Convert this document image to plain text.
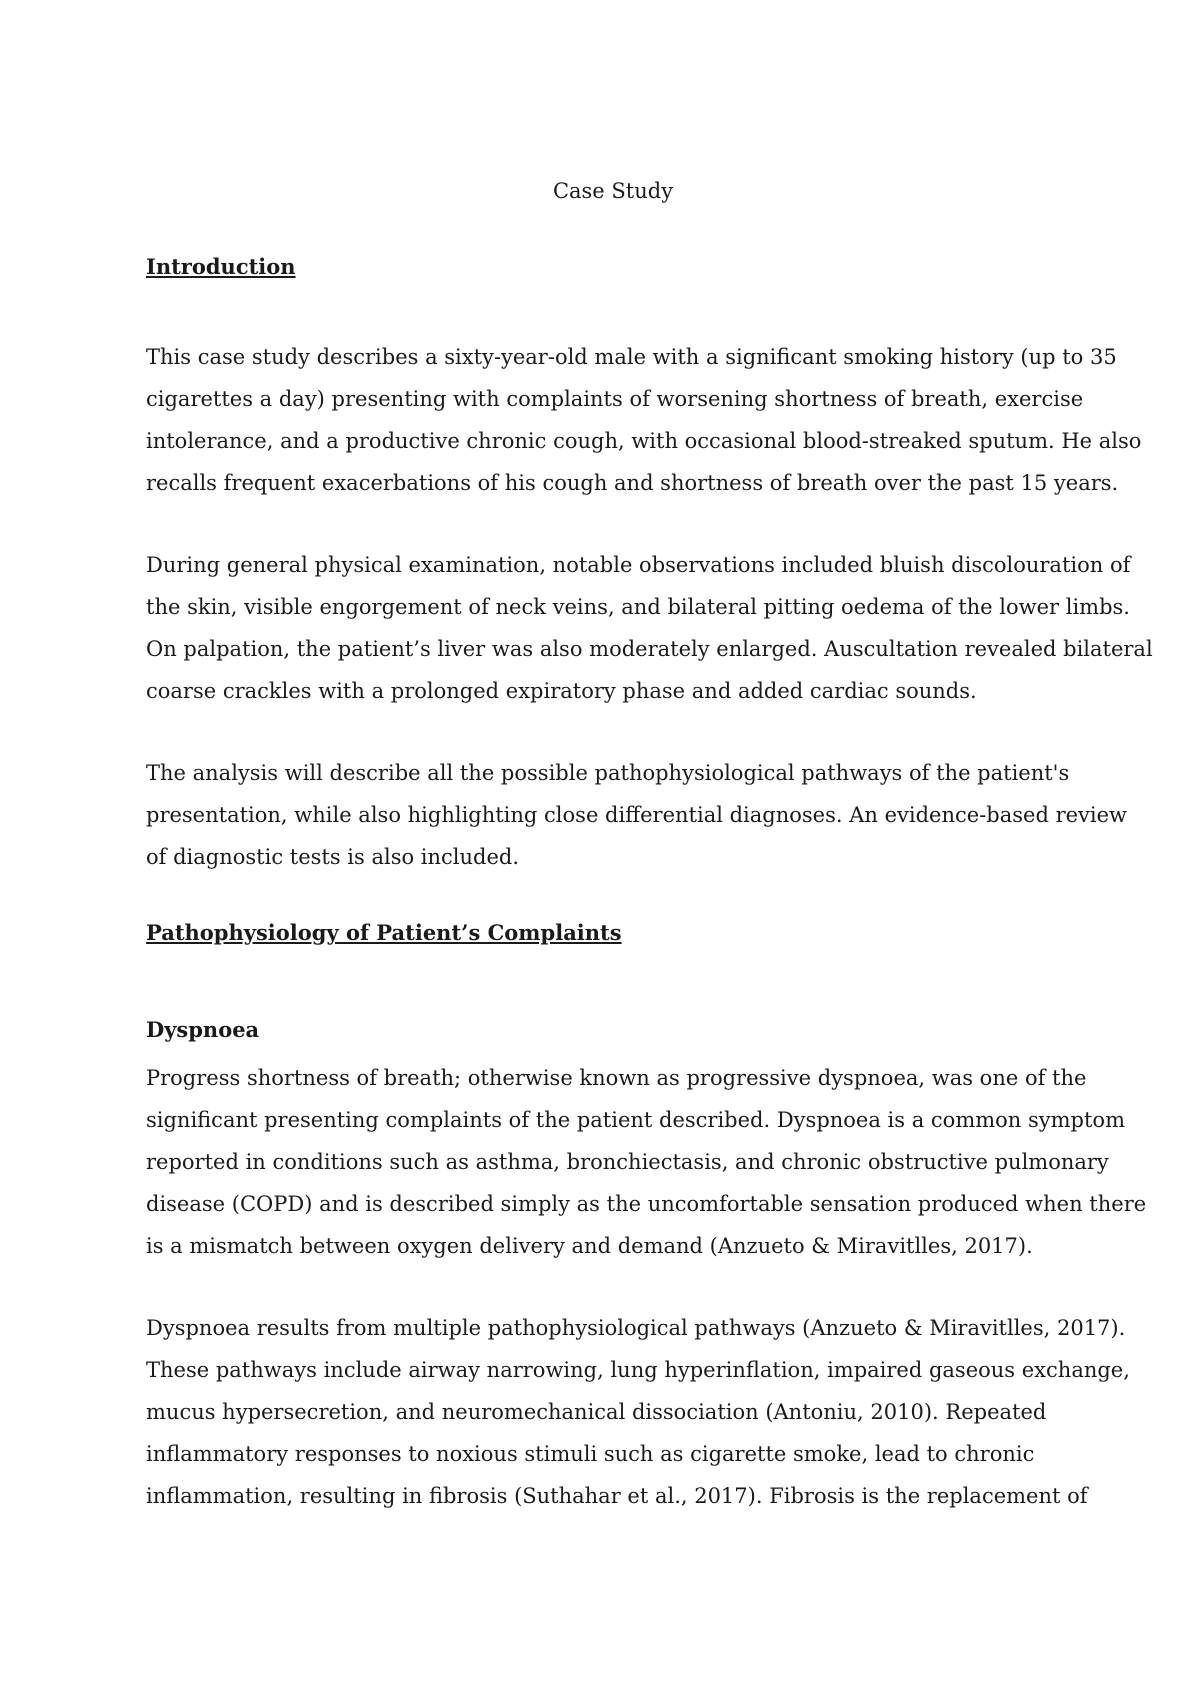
Case Study
Introduction
This case study describes a sixty-year-old male with a significant smoking history (up to 35
cigarettes a day) presenting with complaints of worsening shortness of breath, exercise
intolerance, and a productive chronic cough, with occasional blood-streaked sputum. He also
recalls frequent exacerbations of his cough and shortness of breath over the past 15 years.
During general physical examination, notable observations included bluish discolouration of
the skin, visible engorgement of neck veins, and bilateral pitting oedema of the lower limbs.
On palpation, the patient’s liver was also moderately enlarged. Auscultation revealed bilateral
coarse crackles with a prolonged expiratory phase and added cardiac sounds.
The analysis will describe all the possible pathophysiological pathways of the patient's
presentation, while also highlighting close differential diagnoses. An evidence-based review
of diagnostic tests is also included.
Pathophysiology of Patient’s Complaints
Dyspnoea
Progress shortness of breath; otherwise known as progressive dyspnoea, was one of the
significant presenting complaints of the patient described. Dyspnoea is a common symptom
reported in conditions such as asthma, bronchiectasis, and chronic obstructive pulmonary
disease (COPD) and is described simply as the uncomfortable sensation produced when there
is a mismatch between oxygen delivery and demand (Anzueto & Miravitlles, 2017).
Dyspnoea results from multiple pathophysiological pathways (Anzueto & Miravitlles, 2017).
These pathways include airway narrowing, lung hyperinflation, impaired gaseous exchange,
mucus hypersecretion, and neuromechanical dissociation (Antoniu, 2010). Repeated
inflammatory responses to noxious stimuli such as cigarette smoke, lead to chronic
inflammation, resulting in fibrosis (Suthahar et al., 2017). Fibrosis is the replacement of
